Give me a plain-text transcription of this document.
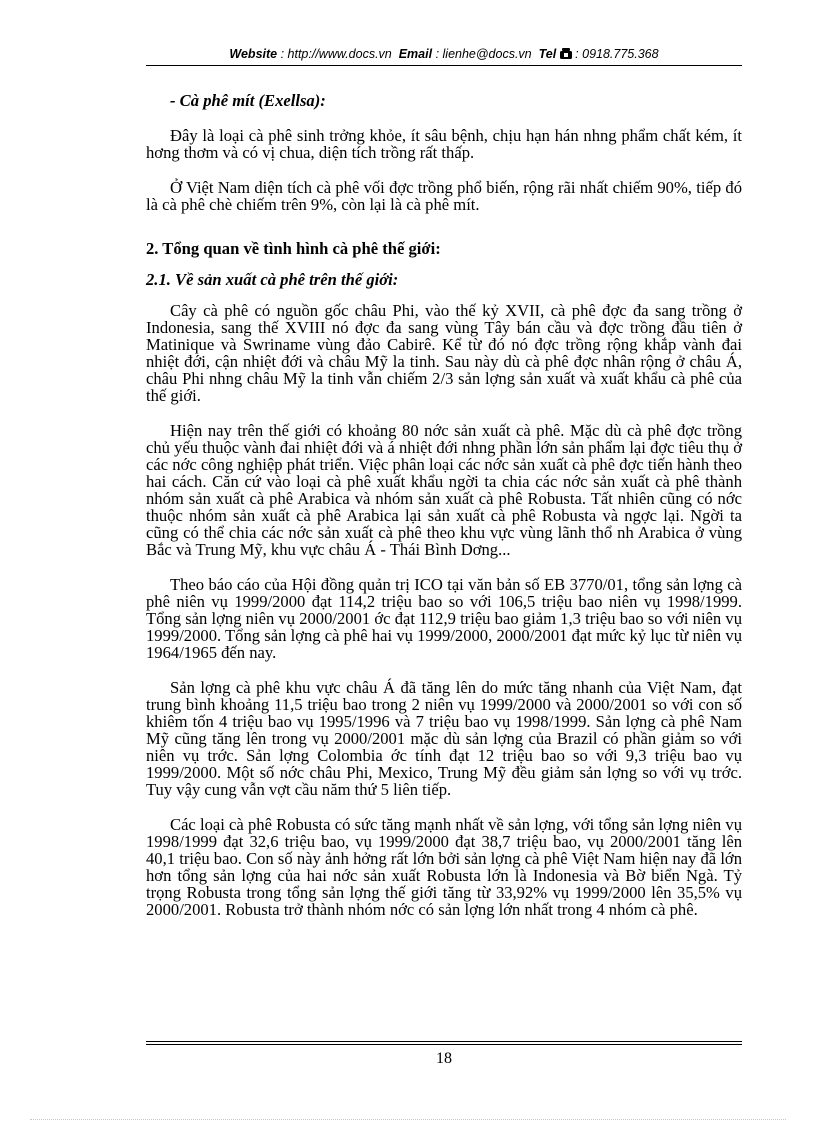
Website : http://www.docs.vn Email : lienhe@docs.vn Tel : 0918.775.368

- Cà phê mít (Exellsa):

Đây là loại cà phê sinh trởng khỏe, ít sâu bệnh, chịu hạn hán nhng phẩm chất kém, ít hơng thơm và có vị chua, diện tích trồng rất thấp.

Ở Việt Nam diện tích cà phê vối đợc trồng phổ biến, rộng rãi nhất chiếm 90%, tiếp đó là cà phê chè chiếm trên 9%, còn lại là cà phê mít.

2. Tổng quan về tình hình cà phê thế giới:
2.1. Về sản xuất cà phê trên thế giới:

Cây cà phê có nguồn gốc châu Phi, vào thế kỷ XVII, cà phê đợc đa sang trồng ở Indonesia, sang thế XVIII nó đợc đa sang vùng Tây bán cầu và đợc trồng đầu tiên ở Matinique và Swriname vùng đảo Cabirê. Kể từ đó nó đợc trồng rộng khắp vành đai nhiệt đới, cận nhiệt đới và châu Mỹ la tinh. Sau này dù cà phê đợc nhân rộng ở châu Á, châu Phi nhng châu Mỹ la tinh vẫn chiếm 2/3 sản lợng sản xuất và xuất khẩu cà phê của thế giới.

Hiện nay trên thế giới có khoảng 80 nớc sản xuất cà phê. Mặc dù cà phê đợc trồng chủ yếu thuộc vành đai nhiệt đới và á nhiệt đới nhng phần lớn sản phẩm lại đợc tiêu thụ ở các nớc công nghiệp phát triển. Việc phân loại các nớc sản xuất cà phê đợc tiến hành theo hai cách. Căn cứ vào loại cà phê xuất khẩu ngời ta chia các nớc sản xuất cà phê thành nhóm sản xuất cà phê Arabica và nhóm sản xuất cà phê Robusta. Tất nhiên cũng có nớc thuộc nhóm sản xuất cà phê Arabica lại sản xuất cà phê Robusta và ngợc lại. Ngời ta cũng có thể chia các nớc sản xuất cà phê theo khu vực vùng lãnh thổ nh Arabica ở vùng Bắc và Trung Mỹ, khu vực châu Á - Thái Bình Dơng...

Theo báo cáo của Hội đồng quản trị ICO tại văn bản số EB 3770/01, tổng sản lợng cà phê niên vụ 1999/2000 đạt 114,2 triệu bao so với 106,5 triệu bao niên vụ 1998/1999. Tổng sản lợng niên vụ 2000/2001 ớc đạt 112,9 triệu bao giảm 1,3 triệu bao so với niên vụ 1999/2000. Tổng sản lợng cà phê hai vụ 1999/2000, 2000/2001 đạt mức kỷ lục từ niên vụ 1964/1965 đến nay.

Sản lợng cà phê khu vực châu Á đã tăng lên do mức tăng nhanh của Việt Nam, đạt trung bình khoảng 11,5 triệu bao trong 2 niên vụ 1999/2000 và 2000/2001 so với con số khiêm tốn 4 triệu bao vụ 1995/1996 và 7 triệu bao vụ 1998/1999. Sản lợng cà phê Nam Mỹ cũng tăng lên trong vụ 2000/2001 mặc dù sản lợng của Brazil có phần giảm so với niên vụ trớc. Sản lợng Colombia ớc tính đạt 12 triệu bao so với 9,3 triệu bao vụ 1999/2000. Một số nớc châu Phi, Mexico, Trung Mỹ đều giảm sản lợng so với vụ trớc. Tuy vậy cung vẫn vợt cầu năm thứ 5 liên tiếp.

Các loại cà phê Robusta có sức tăng mạnh nhất về sản lợng, với tổng sản lợng niên vụ 1998/1999 đạt 32,6 triệu bao, vụ 1999/2000 đạt 38,7 triệu bao, vụ 2000/2001 tăng lên 40,1 triệu bao. Con số này ảnh hởng rất lớn bởi sản lợng cà phê Việt Nam hiện nay đã lớn hơn tổng sản lợng của hai nớc sản xuất Robusta lớn là Indonesia và Bờ biển Ngà. Tỷ trọng Robusta trong tổng sản lợng thế giới tăng từ 33,92% vụ 1999/2000 lên 35,5% vụ 2000/2001. Robusta trở thành nhóm nớc có sản lợng lớn nhất trong 4 nhóm cà phê.

18
